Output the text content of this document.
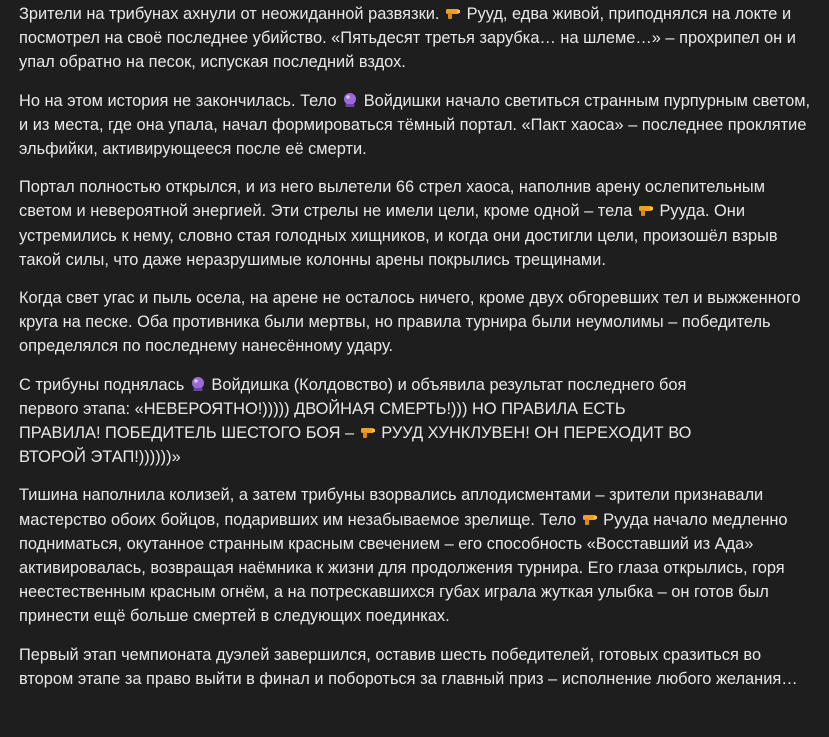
Зрители на трибунах ахнули от неожиданной развязки.  Рууд, едва живой, приподнялся на локте и посмотрел на своё последнее убийство. «Пятьдесят третья зарубка… на шлеме…» – прохрипел он и упал обратно на песок, испуская последний вздох.

Но на этом история не закончилась. Тело  Войдишки начало светиться странным пурпурным светом, и из места, где она упала, начал формироваться тёмный портал. «Пакт хаоса» – последнее проклятие эльфийки, активирующееся после её смерти.

Портал полностью открылся, и из него вылетели 66 стрел хаоса, наполнив арену ослепительным светом и невероятной энергией. Эти стрелы не имели цели, кроме одной – тела  Рууда. Они устремились к нему, словно стая голодных хищников, и когда они достигли цели, произошёл взрыв такой силы, что даже неразрушимые колонны арены покрылись трещинами.

Когда свет угас и пыль осела, на арене не осталось ничего, кроме двух обгоревших тел и выжженного круга на песке. Оба противника были мертвы, но правила турнира были неумолимы – победитель определялся по последнему нанесённому удару.

С трибуны поднялась  Войдишка (Колдовство) и объявила результат последнего боя первого этапа: «НЕВЕРОЯТНО!))))) ДВОЙНАЯ СМЕРТЬ!))) НО ПРАВИЛА ЕСТЬ ПРАВИЛА! ПОБЕДИТЕЛЬ ШЕСТОГО БОЯ –  РУУД ХУНКЛУВЕН! ОН ПЕРЕХОДИТ ВО ВТОРОЙ ЭТАП!))))))»

Тишина наполнила колизей, а затем трибуны взорвались аплодисментами – зрители признавали мастерство обоих бойцов, подаривших им незабываемое зрелище. Тело  Рууда начало медленно подниматься, окутанное странным красным свечением – его способность «Восставший из Ада» активировалась, возвращая наёмника к жизни для продолжения турнира. Его глаза открылись, горя неестественным красным огнём, а на потрескавшихся губах играла жуткая улыбка – он готов был принести ещё больше смертей в следующих поединках.

Первый этап чемпионата дуэлей завершился, оставив шесть победителей, готовых сразиться во втором этапе за право выйти в финал и побороться за главный приз – исполнение любого желания…
